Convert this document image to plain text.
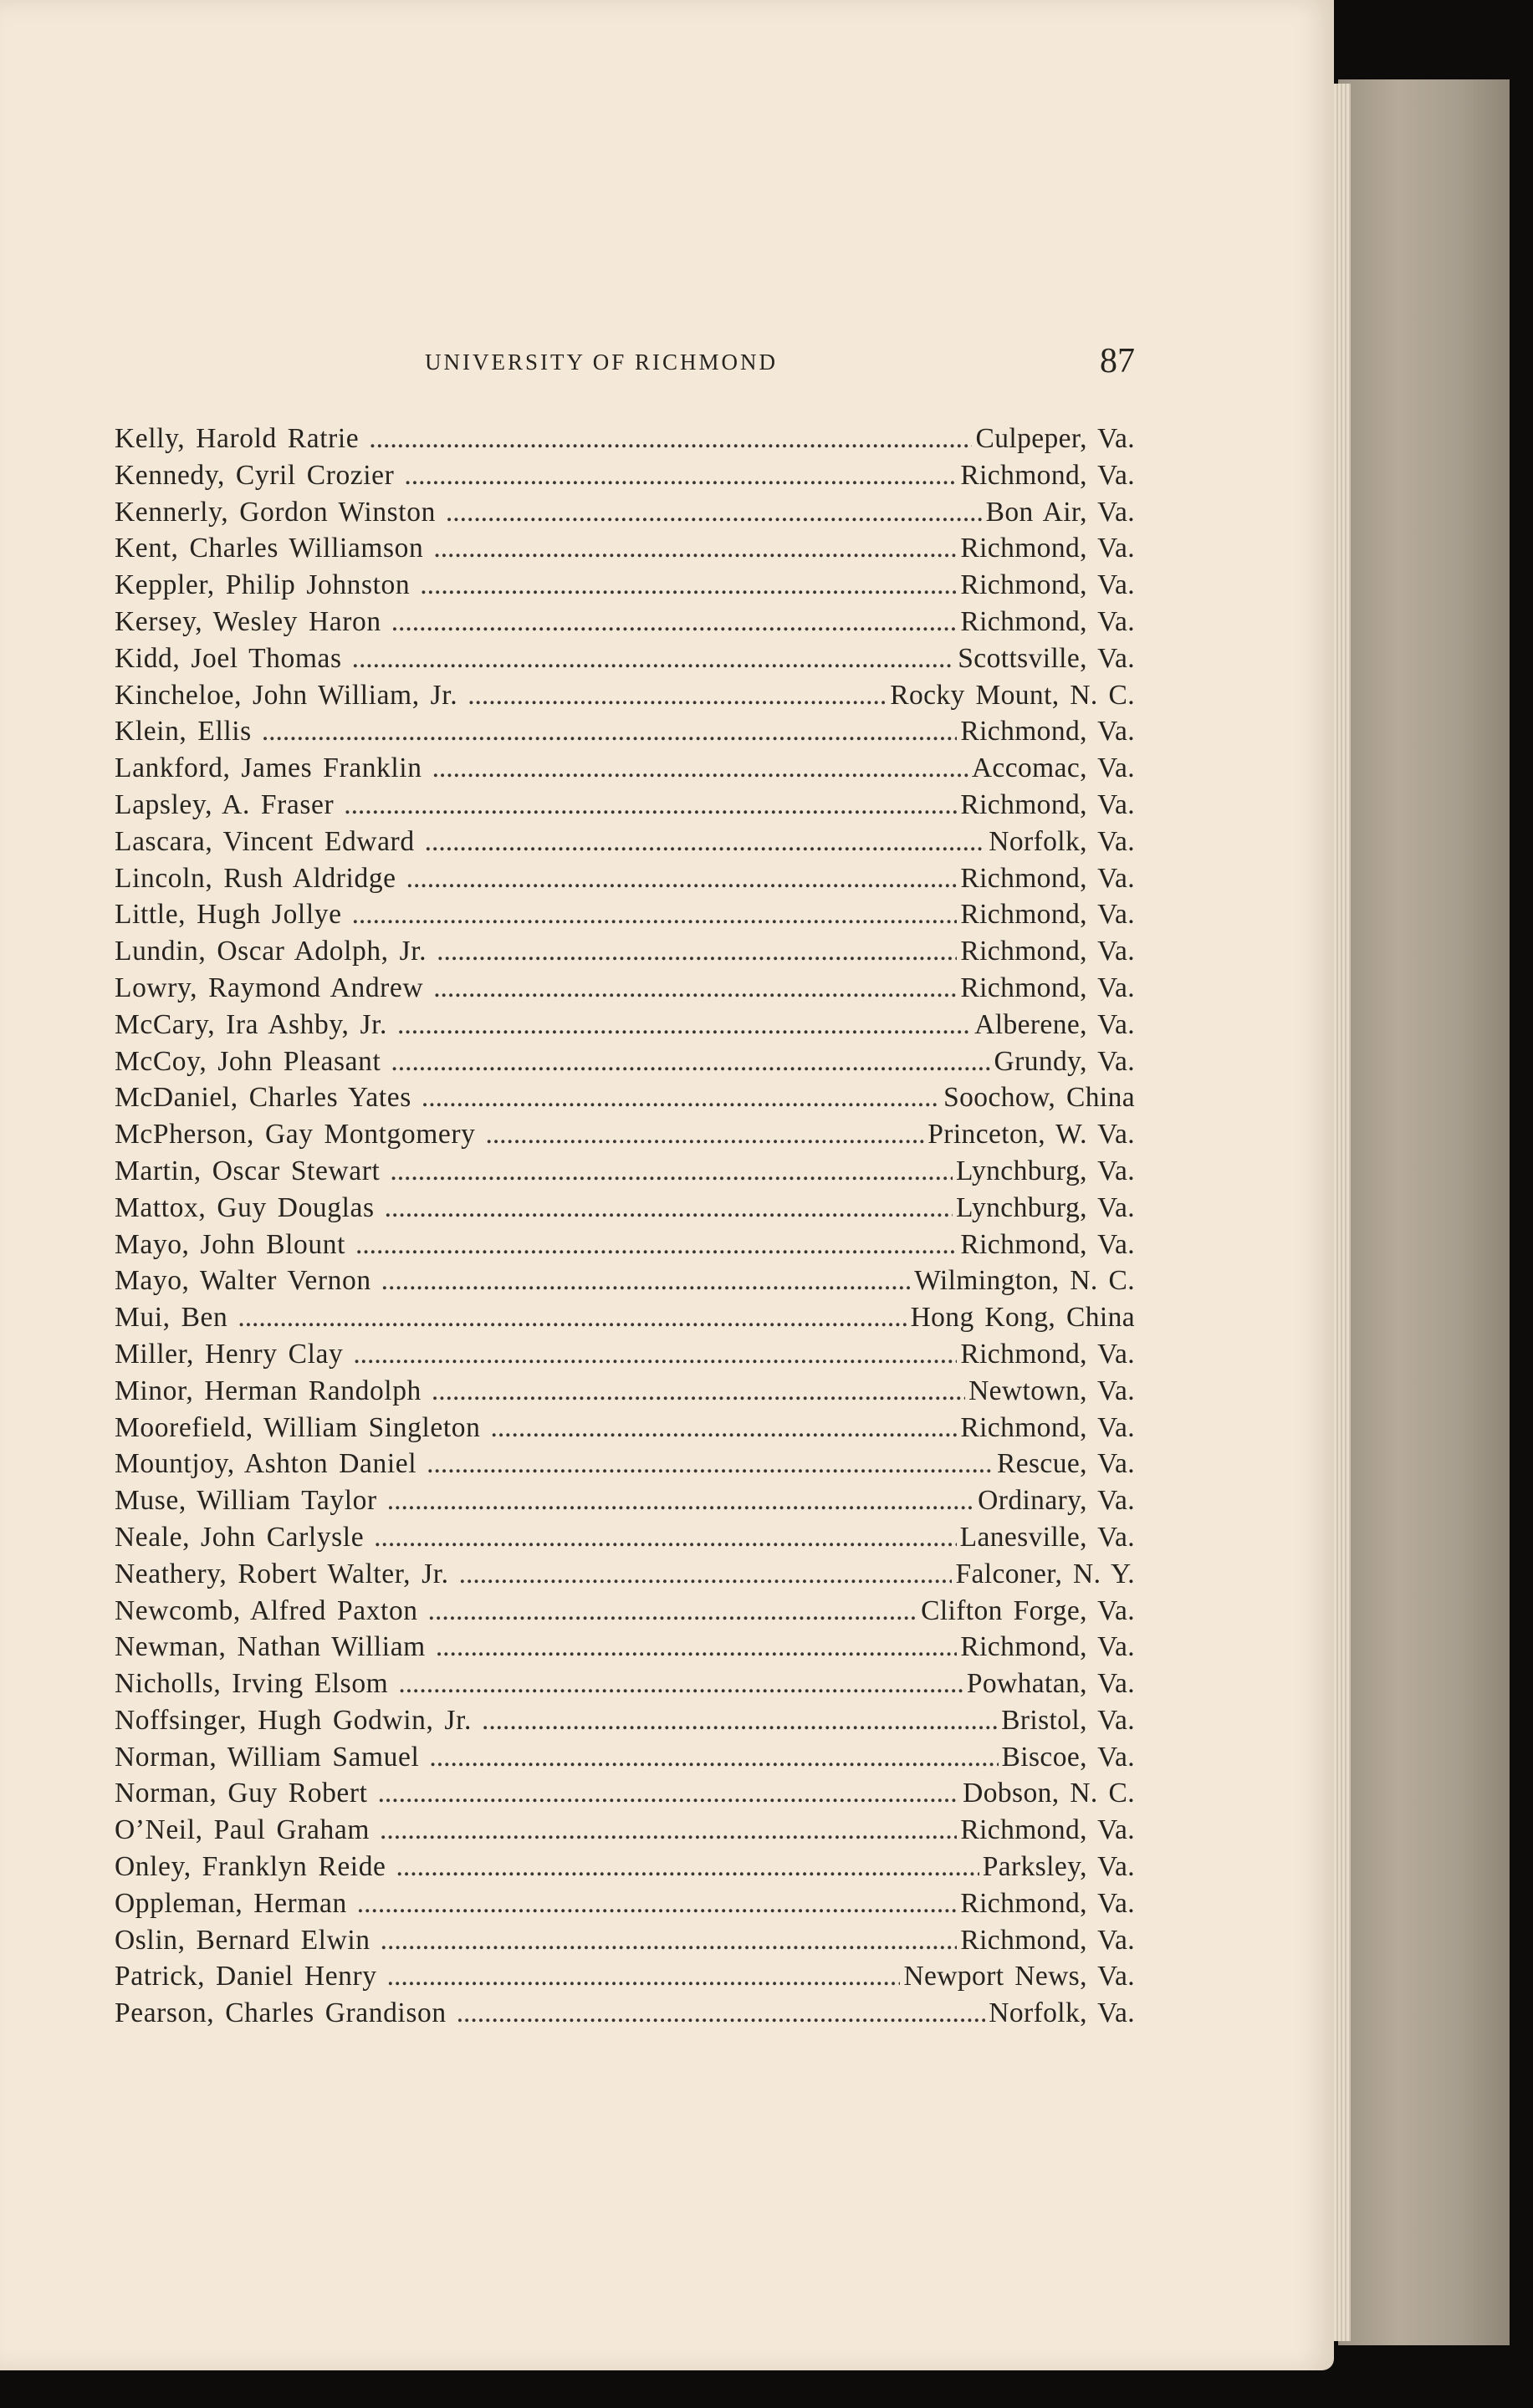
UNIVERSITY OF RICHMOND	87
Kelly, Harold Ratrie . . .	Culpeper, Va.
Kennedy, Cyril Crozier . . .	Richmond, Va.
Kennerly, Gordon Winston . . .	Bon Air, Va.
Kent, Charles Williamson . . .	Richmond, Va.
Keppler, Philip Johnston . . .	Richmond, Va.
Kersey, Wesley Haron . . .	Richmond, Va.
Kidd, Joel Thomas . . .	Scottsville, Va.
Kincheloe, John William, Jr. . . .	Rocky Mount, N. C.
Klein, Ellis . . .	Richmond, Va.
Lankford, James Franklin . . .	Accomac, Va.
Lapsley, A. Fraser . . .	Richmond, Va.
Lascara, Vincent Edward . . .	Norfolk, Va.
Lincoln, Rush Aldridge . . .	Richmond, Va.
Little, Hugh Jollye . . .	Richmond, Va.
Lundin, Oscar Adolph, Jr. . . .	Richmond, Va.
Lowry, Raymond Andrew . . .	Richmond, Va.
McCary, Ira Ashby, Jr. . . .	Alberene, Va.
McCoy, John Pleasant . . .	Grundy, Va.
McDaniel, Charles Yates . . .	Soochow, China
McPherson, Gay Montgomery . . .	Princeton, W. Va.
Martin, Oscar Stewart . . .	Lynchburg, Va.
Mattox, Guy Douglas . . .	Lynchburg, Va.
Mayo, John Blount . . .	Richmond, Va.
Mayo, Walter Vernon . . .	Wilmington, N. C.
Mui, Ben . . .	Hong Kong, China
Miller, Henry Clay . . .	Richmond, Va.
Minor, Herman Randolph . . .	Newtown, Va.
Moorefield, William Singleton . . .	Richmond, Va.
Mountjoy, Ashton Daniel . . .	Rescue, Va.
Muse, William Taylor . . .	Ordinary, Va.
Neale, John Carlysle . . .	Lanesville, Va.
Neathery, Robert Walter, Jr. . . .	Falconer, N. Y.
Newcomb, Alfred Paxton . . .	Clifton Forge, Va.
Newman, Nathan William . . .	Richmond, Va.
Nicholls, Irving Elsom . . .	Powhatan, Va.
Noffsinger, Hugh Godwin, Jr. . . .	Bristol, Va.
Norman, William Samuel . . .	Biscoe, Va.
Norman, Guy Robert . . .	Dobson, N. C.
O’Neil, Paul Graham . . .	Richmond, Va.
Onley, Franklyn Reide . . .	Parksley, Va.
Oppleman, Herman . . .	Richmond, Va.
Oslin, Bernard Elwin . . .	Richmond, Va.
Patrick, Daniel Henry . . .	Newport News, Va.
Pearson, Charles Grandison . . .	Norfolk, Va.
